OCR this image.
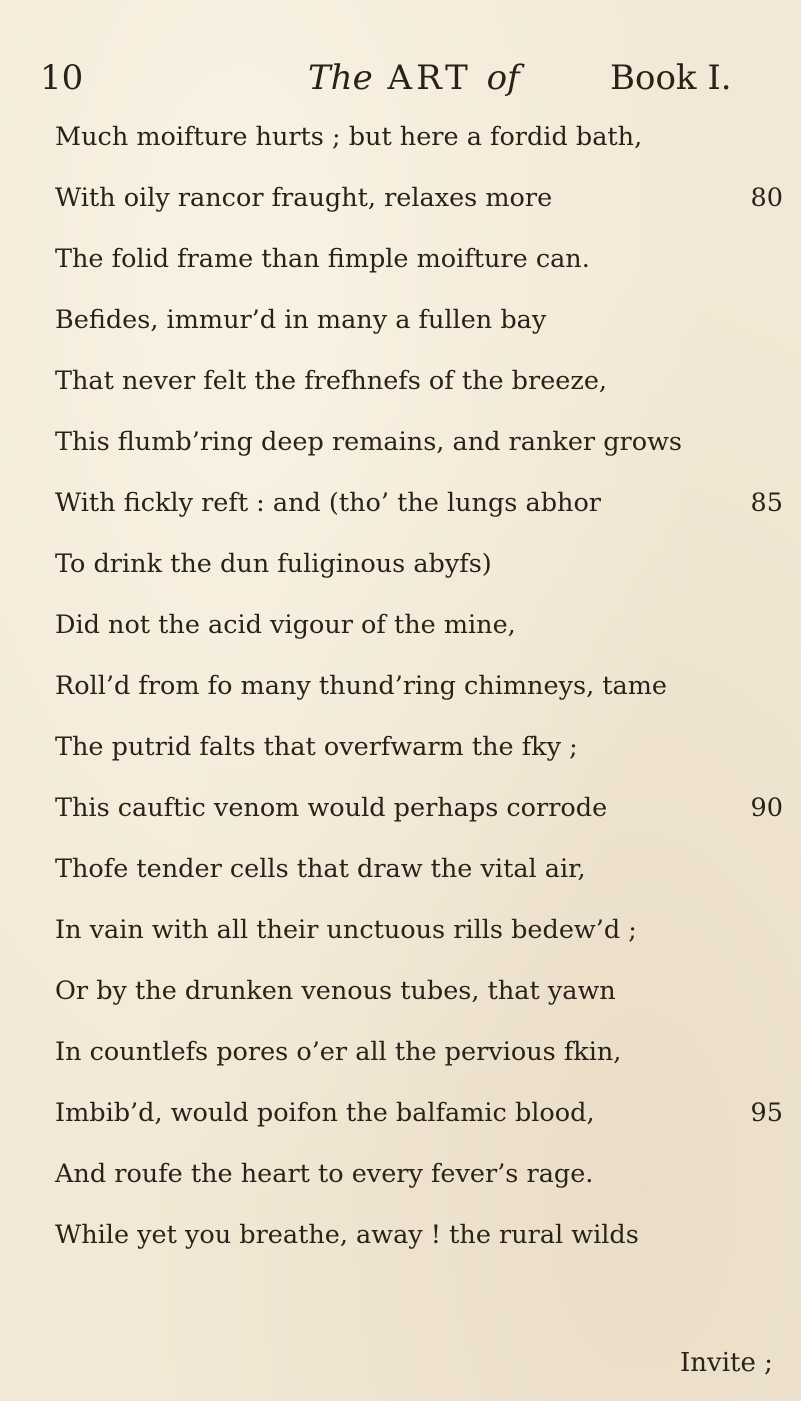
10	The ART of	Book I.
Much moifture hurts ; but here a fordid bath,
With oily rancor fraught, relaxes more	80
The folid frame than fimple moifture can.
Befides, immur’d in many a fullen bay
That never felt the frefhnefs of the breeze,
This flumb’ring deep remains, and ranker grows
With fickly reft : and (tho’ the lungs abhor	85
To drink the dun fuliginous abyfs)
Did not the acid vigour of the mine,
Roll’d from fo many thund’ring chimneys, tame
The putrid falts that overfwarm the fky ;
This cauftic venom would perhaps corrode	90
Thofe tender cells that draw the vital air,
In vain with all their unctuous rills bedew’d ;
Or by the drunken venous tubes, that yawn
In countlefs pores o’er all the pervious fkin,
Imbib’d, would poifon the balfamic blood,	95
And roufe the heart to every fever’s rage.
While yet you breathe, away ! the rural wilds
Invite ;
